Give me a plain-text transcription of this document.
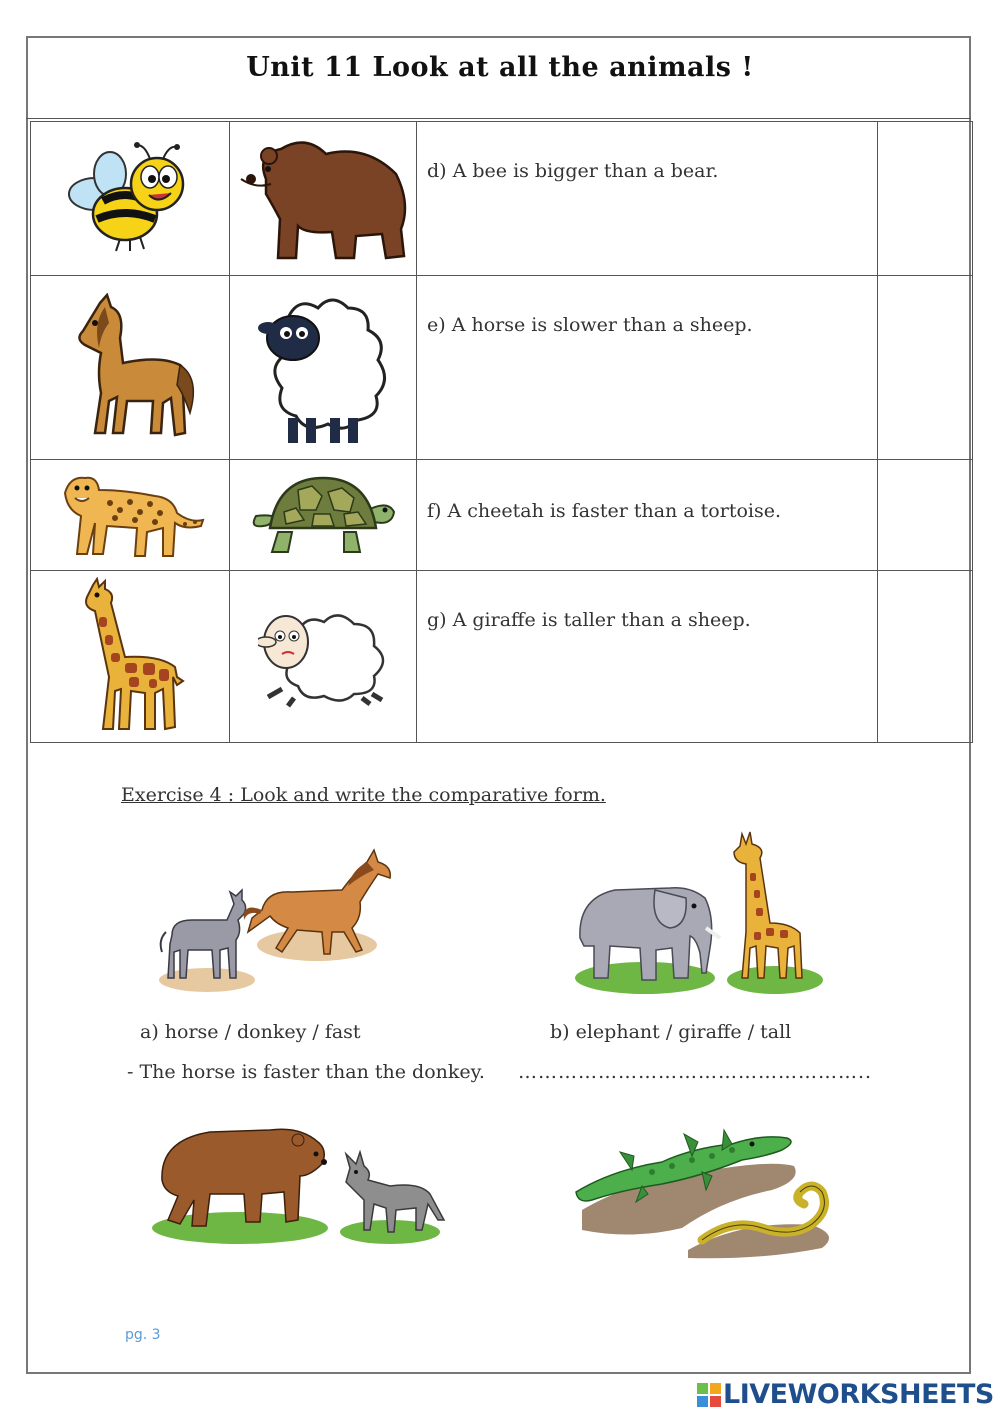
Unit 11 Look at all the animals !

d) A bee is bigger than a bear.	

e) A horse is slower than a sheep.	

f) A cheetah is faster than a tortoise.	

g) A giraffe is taller than a sheep.	

Exercise 4 : Look and write the comparative form.
a) horse / donkey / fast	b) elephant / giraffe / tall
- The horse is faster than the donkey. ……………………………………………..
pg. 3
LIVEWORKSHEETS
